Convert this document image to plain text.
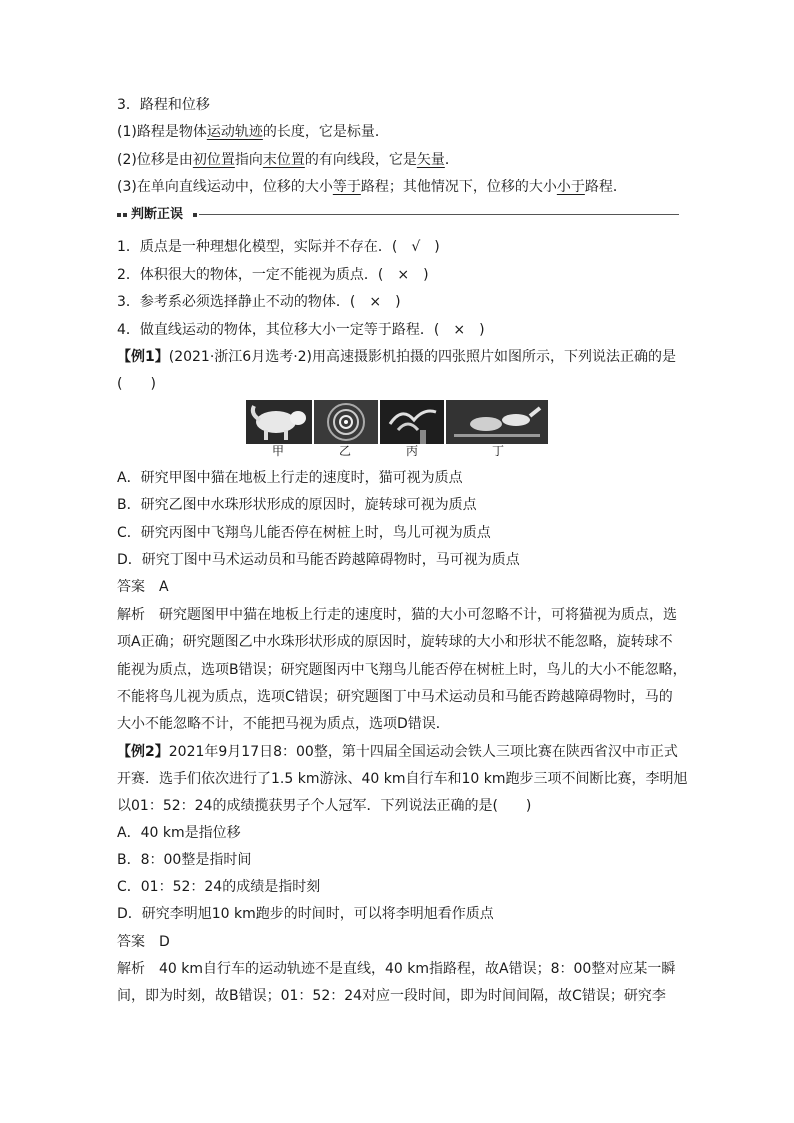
3．路程和位移
(1)路程是物体运动轨迹的长度，它是标量．
(2)位移是由初位置指向末位置的有向线段，它是矢量．
(3)在单向直线运动中，位移的大小等于路程；其他情况下，位移的大小小于路程．
判断正误
1．质点是一种理想化模型，实际并不存在．(　√　)
2．体积很大的物体，一定不能视为质点．(　×　)
3．参考系必须选择静止不动的物体．(　×　)
4．做直线运动的物体，其位移大小一定等于路程．(　×　)
【例1】(2021·浙江6月选考·2)用高速摄影机拍摄的四张照片如图所示，下列说法正确的是
(　　)
甲	乙	丙	丁
A．研究甲图中猫在地板上行走的速度时，猫可视为质点
B．研究乙图中水珠形状形成的原因时，旋转球可视为质点
C．研究丙图中飞翔鸟儿能否停在树桩上时，鸟儿可视为质点
D．研究丁图中马术运动员和马能否跨越障碍物时，马可视为质点
答案　 A
解析　 研究题图甲中猫在地板上行走的速度时，猫的大小可忽略不计，可将猫视为质点，选
项A正确；研究题图乙中水珠形状形成的原因时，旋转球的大小和形状不能忽略，旋转球不
能视为质点，选项B错误；研究题图丙中飞翔鸟儿能否停在树桩上时，鸟儿的大小不能忽略，
不能将鸟儿视为质点，选项C错误；研究题图丁中马术运动员和马能否跨越障碍物时，马的
大小不能忽略不计，不能把马视为质点，选项D错误．
【例2】2021年9月17日8：00整，第十四届全国运动会铁人三项比赛在陕西省汉中市正式
开赛．选手们依次进行了1.5 km游泳、40 km自行车和10 km跑步三项不间断比赛，李明旭
以01：52：24的成绩揽获男子个人冠军．下列说法正确的是(　　)
A．40 km是指位移
B．8：00整是指时间
C．01：52：24的成绩是指时刻
D．研究李明旭10 km跑步的时间时，可以将李明旭看作质点
答案　 D
解析　 40 km自行车的运动轨迹不是直线，40 km指路程，故A错误；8：00整对应某一瞬
间，即为时刻，故B错误；01：52：24对应一段时间，即为时间间隔，故C错误；研究李
